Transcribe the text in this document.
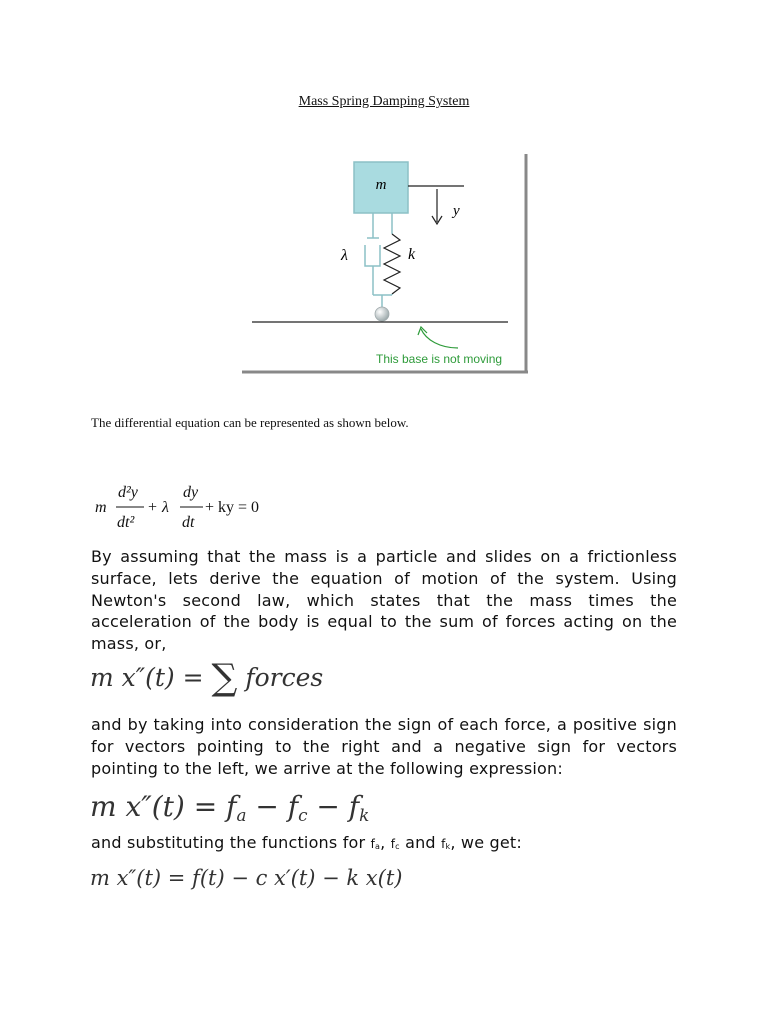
Mass Spring Damping System
m
y
λ	k
This base is not moving
The differential equation can be represented as shown below.
m
d²y
dt²
+ λ
dy
dt
+ ky = 0
By assuming that the mass is a particle and slides on a frictionless surface, lets derive the equation of motion of the system. Using Newton's second law, which states that the mass times the acceleration of the body is equal to the sum of forces acting on the mass, or,
m x″(t) = ∑ forces
and by taking into consideration the sign of each force, a positive sign for vectors pointing to the right and a negative sign for vectors pointing to the left, we arrive at the following expression:
m $x''(t) = f_a - f_c - f_k$
and substituting the functions for $f_a$, $f_c$ and $f_k$, we get:
m x″(t) = f(t) − c x′(t) − k x(t)
